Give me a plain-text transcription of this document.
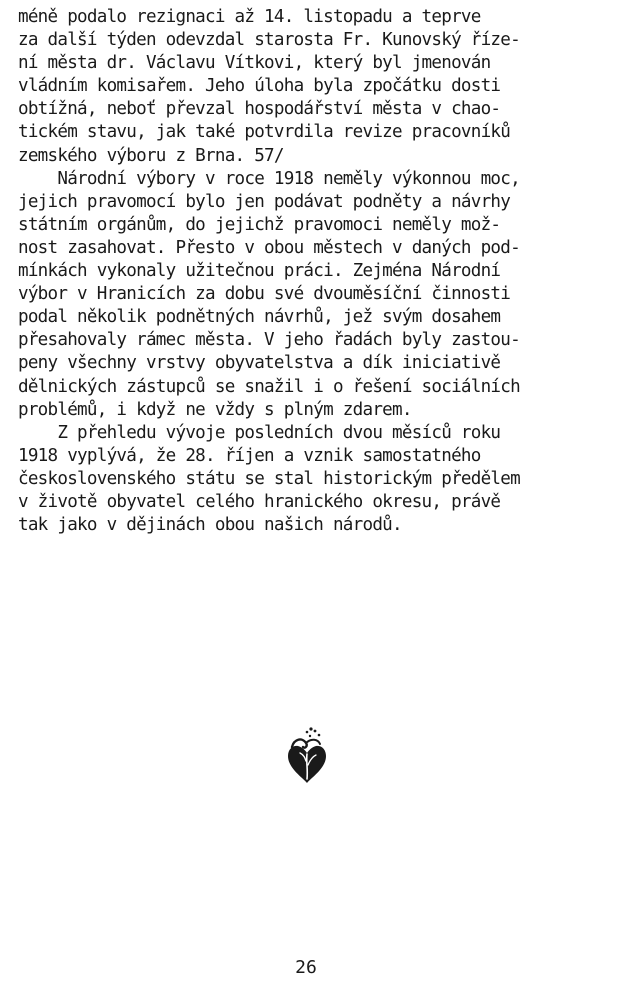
méně podalo rezignaci až 14. listopadu a teprve
za další týden odevzdal starosta Fr. Kunovský říze-
ní města dr. Václavu Vítkovi, který byl jmenován
vládním komisařem. Jeho úloha byla zpočátku dosti
obtížná, neboť převzal hospodářství města v chao-
tickém stavu, jak také potvrdila revize pracovníků
zemského výboru z Brna. 57/
Národní výbory v roce 1918 neměly výkonnou moc,
jejich pravomocí bylo jen podávat podněty a návrhy
státním orgánům, do jejichž pravomoci neměly mož-
nost zasahovat. Přesto v obou městech v daných pod-
mínkách vykonaly užitečnou práci. Zejména Národní
výbor v Hranicích za dobu své dvouměsíční činnosti
podal několik podnětných návrhů, jež svým dosahem
přesahovaly rámec města. V jeho řadách byly zastou-
peny všechny vrstvy obyvatelstva a dík iniciativě
dělnických zástupců se snažil i o řešení sociálních
problémů, i když ne vždy s plným zdarem.
Z přehledu vývoje posledních dvou měsíců roku
1918 vyplývá, že 28. říjen a vznik samostatného
československého státu se stal historickým předělem
v životě obyvatel celého hranického okresu, právě
tak jako v dějinách obou našich národů.
26
